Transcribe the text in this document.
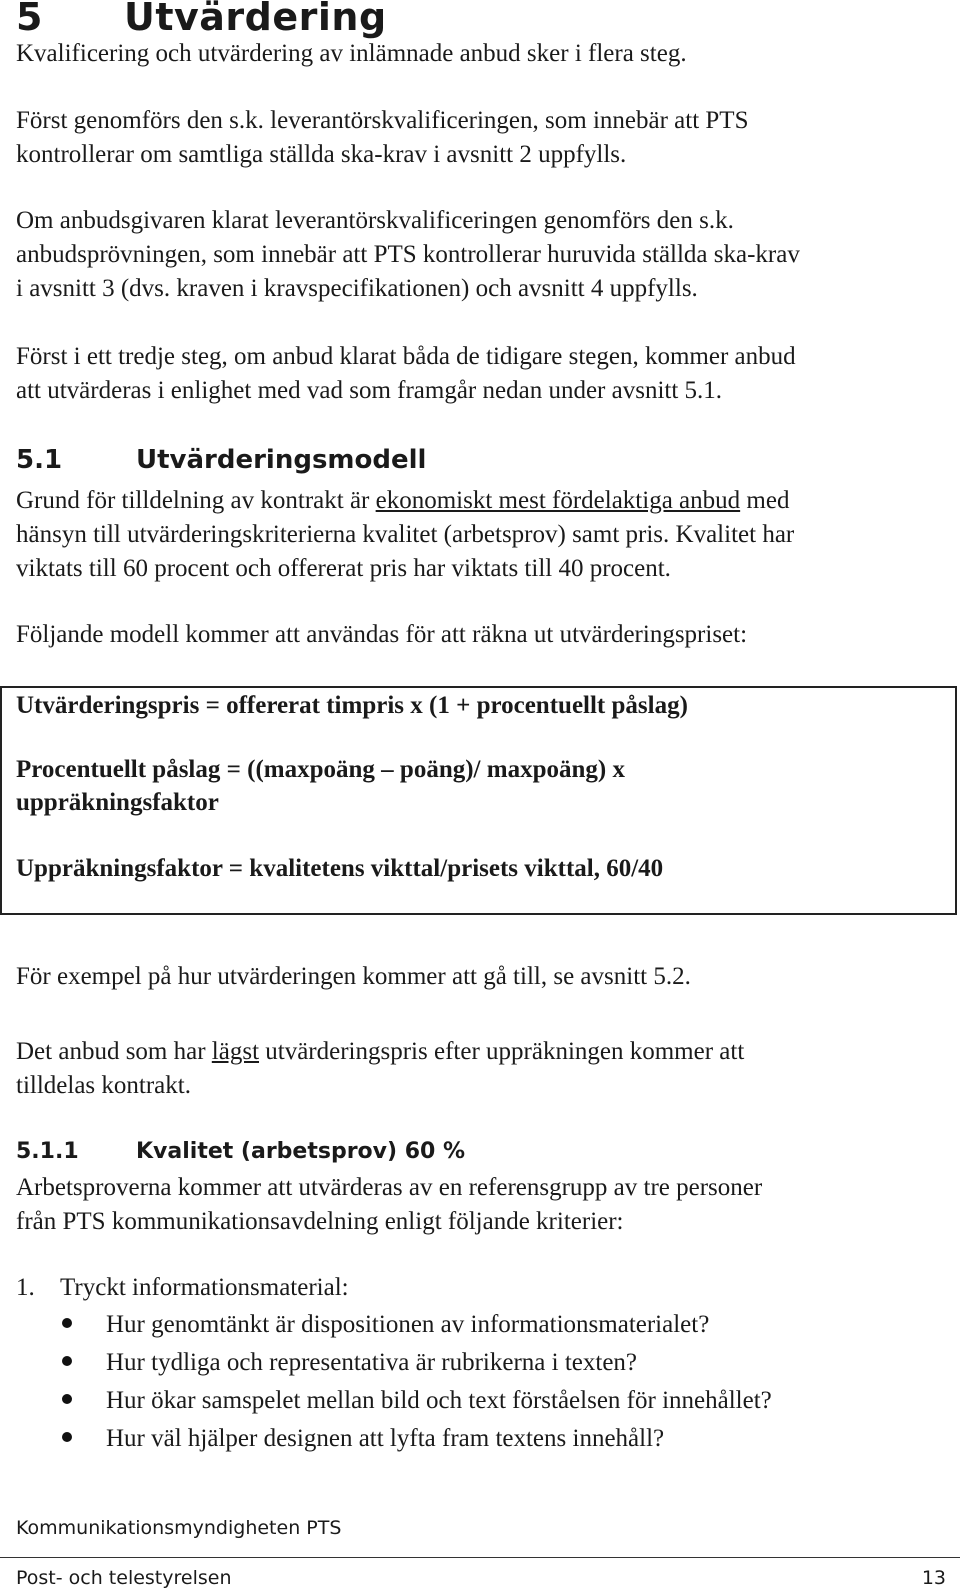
5 Utvärdering

Kvalificering och utvärdering av inlämnade anbud sker i flera steg.

Först genomförs den s.k. leverantörskvalificeringen, som innebär att PTS

kontrollerar om samtliga ställda ska-krav i avsnitt 2 uppfylls.

Om anbudsgivaren klarat leverantörskvalificeringen genomförs den s.k.

anbudsprövningen, som innebär att PTS kontrollerar huruvida ställda ska-krav

i avsnitt 3 (dvs. kraven i kravspecifikationen) och avsnitt 4 uppfylls.

Först i ett tredje steg, om anbud klarat båda de tidigare stegen, kommer anbud

att utvärderas i enlighet med vad som framgår nedan under avsnitt 5.1.

5.1	Utvärderingsmodell

Grund för tilldelning av kontrakt är ekonomiskt mest fördelaktiga anbud med

hänsyn till utvärderingskriterierna kvalitet (arbetsprov) samt pris. Kvalitet har

viktats till 60 procent och offererat pris har viktats till 40 procent.

Följande modell kommer att användas för att räkna ut utvärderingspriset:

Utvärderingspris = offererat timpris x (1 + procentuellt påslag)

Procentuellt påslag = ((maxpoäng – poäng)/ maxpoäng) x

uppräkningsfaktor

Uppräkningsfaktor = kvalitetens vikttal/prisets vikttal, 60/40

För exempel på hur utvärderingen kommer att gå till, se avsnitt 5.2.

Det anbud som har lägst utvärderingspris efter uppräkningen kommer att

tilldelas kontrakt.

5.1.1	Kvalitet (arbetsprov) 60 %

Arbetsproverna kommer att utvärderas av en referensgrupp av tre personer

från PTS kommunikationsavdelning enligt följande kriterier:

1. Tryckt informationsmaterial:
Hur genomtänkt är dispositionen av informationsmaterialet?
Hur tydliga och representativa är rubrikerna i texten?
Hur ökar samspelet mellan bild och text förståelsen för innehållet?
Hur väl hjälper designen att lyfta fram textens innehåll?
Kommunikationsmyndigheten PTS
Post- och telestyrelsen	13
